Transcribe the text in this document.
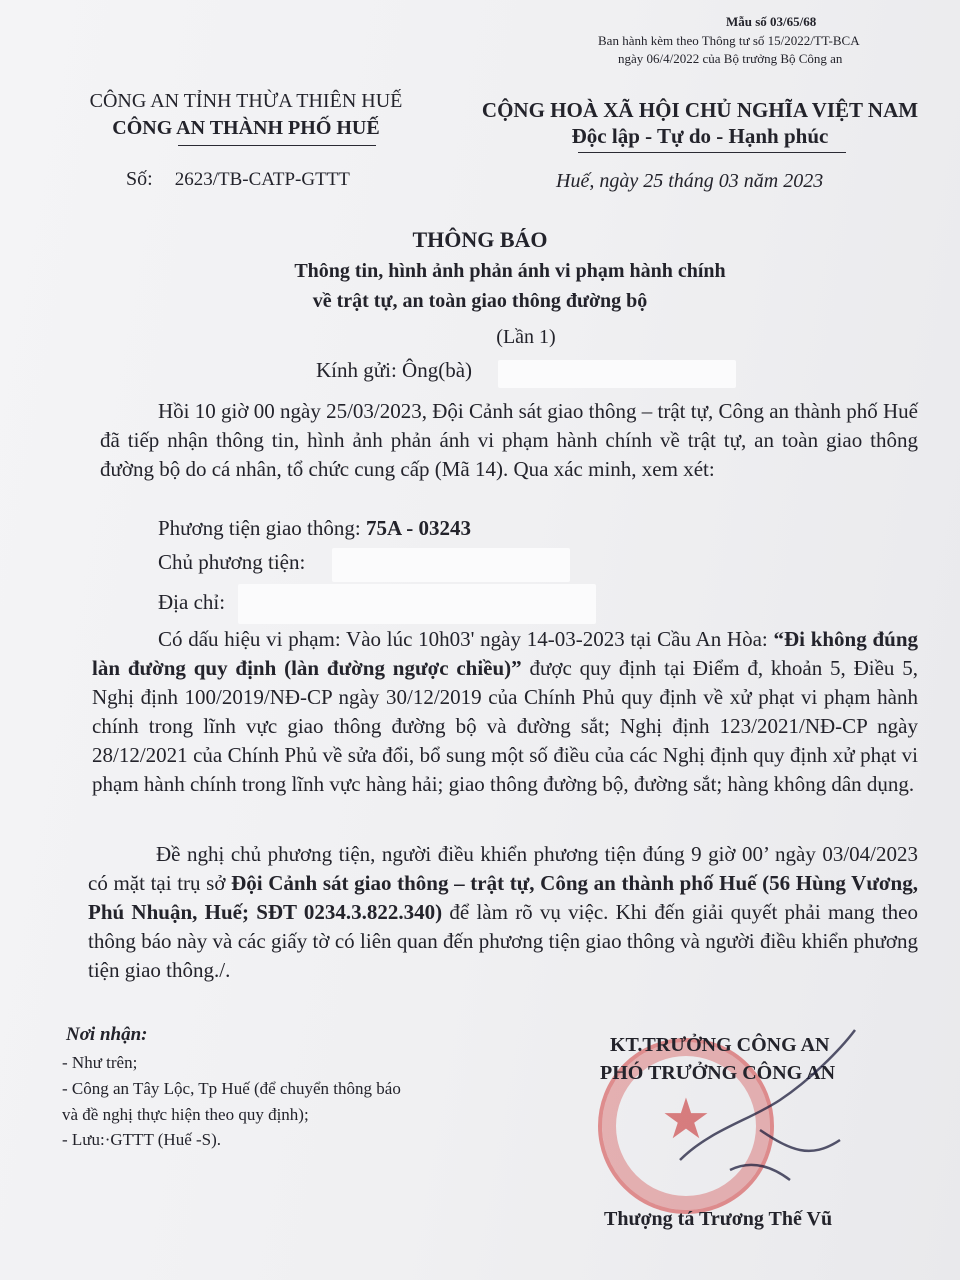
Mẫu số 03/65/68
Ban hành kèm theo Thông tư số 15/2022/TT-BCA
ngày 06/4/2022 của Bộ trưởng Bộ Công an
CÔNG AN TỈNH THỪA THIÊN HUẾ
CÔNG AN THÀNH PHỐ HUẾ
CỘNG HOÀ XÃ HỘI CHỦ NGHĨA VIỆT NAM
Độc lập - Tự do - Hạnh phúc
Số: 2623/TB-CATP-GTTT	Huế, ngày 25 tháng 03 năm 2023
THÔNG BÁO
Thông tin, hình ảnh phản ánh vi phạm hành chính
về trật tự, an toàn giao thông đường bộ
(Lần 1)
Kính gửi: Ông(bà)
Hồi 10 giờ 00 ngày 25/03/2023, Đội Cảnh sát giao thông – trật tự, Công an thành phố Huế đã tiếp nhận thông tin, hình ảnh phản ánh vi phạm hành chính về trật tự, an toàn giao thông đường bộ do cá nhân, tổ chức cung cấp (Mã 14). Qua xác minh, xem xét:
Phương tiện giao thông: 75A - 03243
Chủ phương tiện:
Địa chỉ:
Có dấu hiệu vi phạm: Vào lúc 10h03' ngày 14-03-2023 tại Cầu An Hòa: “Đi không đúng làn đường quy định (làn đường ngược chiều)” được quy định tại Điểm đ, khoản 5, Điều 5, Nghị định 100/2019/NĐ-CP ngày 30/12/2019 của Chính Phủ quy định về xử phạt vi phạm hành chính trong lĩnh vực giao thông đường bộ và đường sắt; Nghị định 123/2021/NĐ-CP ngày 28/12/2021 của Chính Phủ về sửa đổi, bổ sung một số điều của các Nghị định quy định xử phạt vi phạm hành chính trong lĩnh vực hàng hải; giao thông đường bộ, đường sắt; hàng không dân dụng.
Đề nghị chủ phương tiện, người điều khiển phương tiện đúng 9 giờ 00’ ngày 03/04/2023 có mặt tại trụ sở Đội Cảnh sát giao thông – trật tự, Công an thành phố Huế (56 Hùng Vương, Phú Nhuận, Huế; SĐT 0234.3.822.340) để làm rõ vụ việc. Khi đến giải quyết phải mang theo thông báo này và các giấy tờ có liên quan đến phương tiện giao thông và người điều khiển phương tiện giao thông./.
Nơi nhận:
- Như trên;
- Công an Tây Lộc, Tp Huế (để chuyển thông báo
và đề nghị thực hiện theo quy định);
- Lưu:·GTTT (Huế -S).	★
KT.TRƯỞNG CÔNG AN
PHÓ TRƯỞNG CÔNG AN
Thượng tá Trương Thế Vũ
